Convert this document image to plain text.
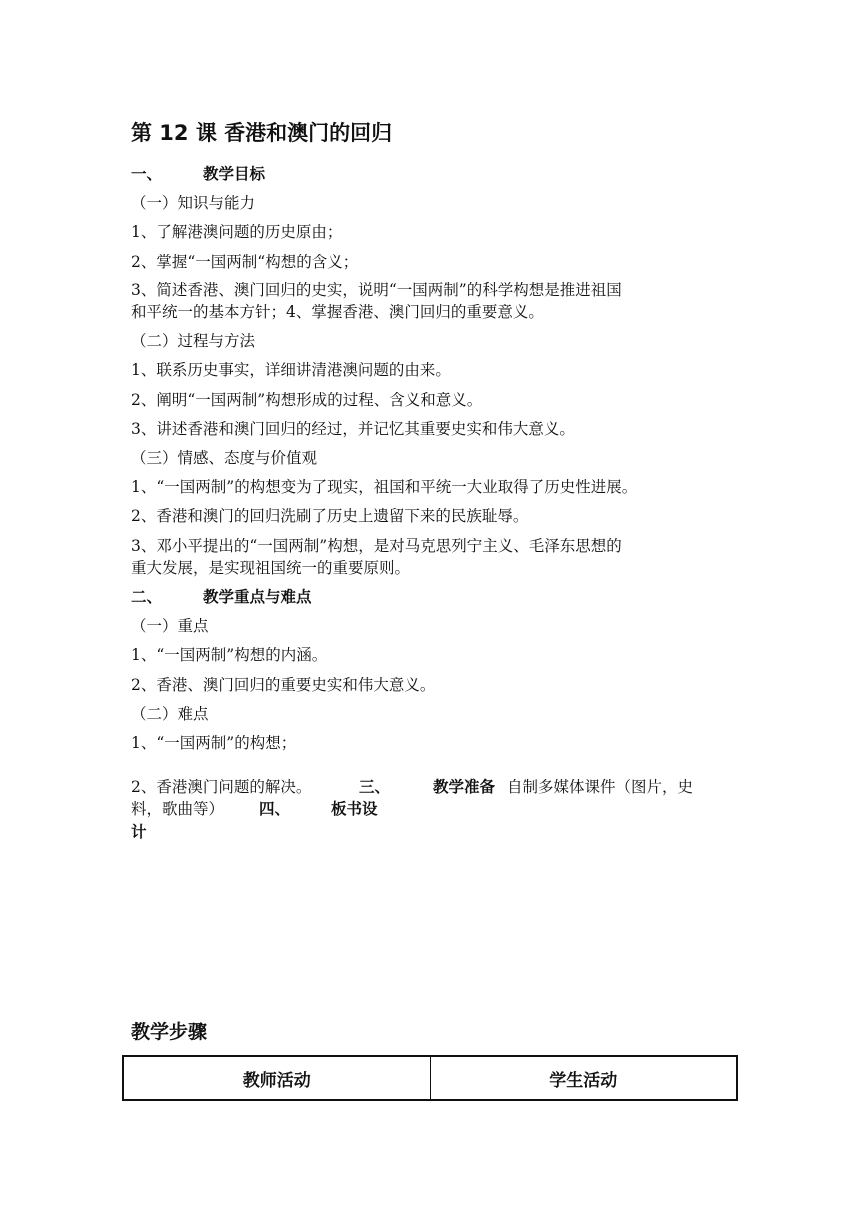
第 12 课 香港和澳门的回归
一、	教学目标
（一）知识与能力
1、了解港澳问题的历史原由；
2、掌握“一国两制“构想的含义；
3、简述香港、澳门回归的史实，说明“一国两制”的科学构想是推进祖国
和平统一的基本方针；4、掌握香港、澳门回归的重要意义。
（二）过程与方法
1、联系历史事实，详细讲清港澳问题的由来。
2、阐明“一国两制”构想形成的过程、含义和意义。
3、讲述香港和澳门回归的经过，并记忆其重要史实和伟大意义。
（三）情感、态度与价值观
1、“一国两制”的构想变为了现实，祖国和平统一大业取得了历史性进展。
2、香港和澳门的回归洗刷了历史上遗留下来的民族耻辱。
3、邓小平提出的“一国两制”构想，是对马克思列宁主义、毛泽东思想的
重大发展，是实现祖国统一的重要原则。
二、	教学重点与难点
（一）重点
1、“一国两制”构想的内涵。
2、香港、澳门回归的重要史实和伟大意义。
（二）难点
1、“一国两制”的构想；
2、香港澳门问题的解决。	三、	教学准备 自制多媒体课件（图片，史
料，歌曲等） 四、	板书设
计
教学步骤
教师活动	学生活动
